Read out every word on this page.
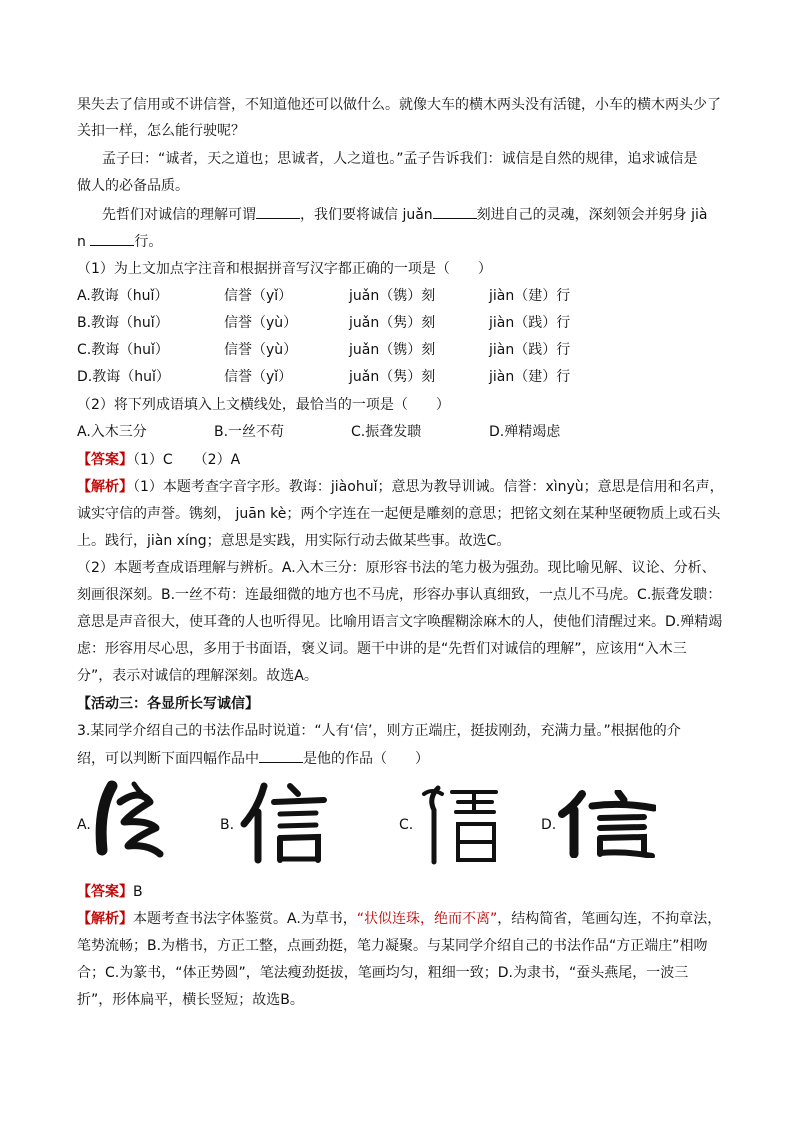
果失去了信用或不讲信誉，不知道他还可以做什么。就像大车的横木两头没有活键，小车的横木两头少了
关扣一样，怎么能行驶呢？
孟子曰：“诚者，天之道也；思诚者，人之道也。”孟子告诉我们：诚信是自然的规律，追求诚信是
做人的必备品质。
先哲们对诚信的理解可谓	，我们要将诚信 juǎn	刻进自己的灵魂，深刻领会并躬身 jià
n	行。
（1）为上文加点字注音和根据拼音写汉字都正确的一项是（　　）
A.教诲（huǐ）	信誉（yǐ）	juǎn（镌）刻	jiàn（建）行
B.教诲（huǐ）	信誉（yù）	juǎn（隽）刻	jiàn（践）行
C.教诲（huǐ）	信誉（yù）	juǎn（镌）刻	jiàn（践）行
D.教诲（huǐ）	信誉（yǐ）	juǎn（隽）刻	jiàn（建）行
（2）将下列成语填入上文横线处，最恰当的一项是（　　）
A.入木三分	B.一丝不苟	C.振聋发聩	D.殚精竭虑
【答案】（1）C　　（2）A
【解析】（1）本题考查字音字形。教诲：jiàohuǐ；意思为教导训诫。信誉：xìnyù；意思是信用和名声，
诚实守信的声誉。镌刻， juān kè；两个字连在一起便是雕刻的意思；把铭文刻在某种坚硬物质上或石头
上。践行，jiàn xíng；意思是实践，用实际行动去做某些事。故选C。
（2）本题考查成语理解与辨析。A.入木三分：原形容书法的笔力极为强劲。现比喻见解、议论、分析、
刻画很深刻。B.一丝不苟：连最细微的地方也不马虎，形容办事认真细致，一点儿不马虎。C.振聋发聩：
意思是声音很大，使耳聋的人也听得见。比喻用语言文字唤醒糊涂麻木的人，使他们清醒过来。D.殚精竭
虑：形容用尽心思，多用于书面语，褒义词。题干中讲的是“先哲们对诚信的理解”，应该用“入木三
分”，表示对诚信的理解深刻。故选A。
【活动三：各显所长写诚信】
3.某同学介绍自己的书法作品时说道：“人有‘信’，则方正端庄，挺拔刚劲，充满力量。”根据他的介
绍，可以判断下面四幅作品中	是他的作品（　　）
A.	B.	C.	D.
【答案】B
【解析】本题考查书法字体鉴赏。A.为草书，“状似连珠，绝而不离”，结构简省，笔画勾连，不拘章法，
笔势流畅；B.为楷书，方正工整，点画劲挺，笔力凝聚。与某同学介绍自己的书法作品“方正端庄”相吻
合；C.为篆书，“体正势圆”，笔法瘦劲挺拔，笔画均匀，粗细一致；D.为隶书，“蚕头燕尾，一波三
折”，形体扁平，横长竖短；故选B。
